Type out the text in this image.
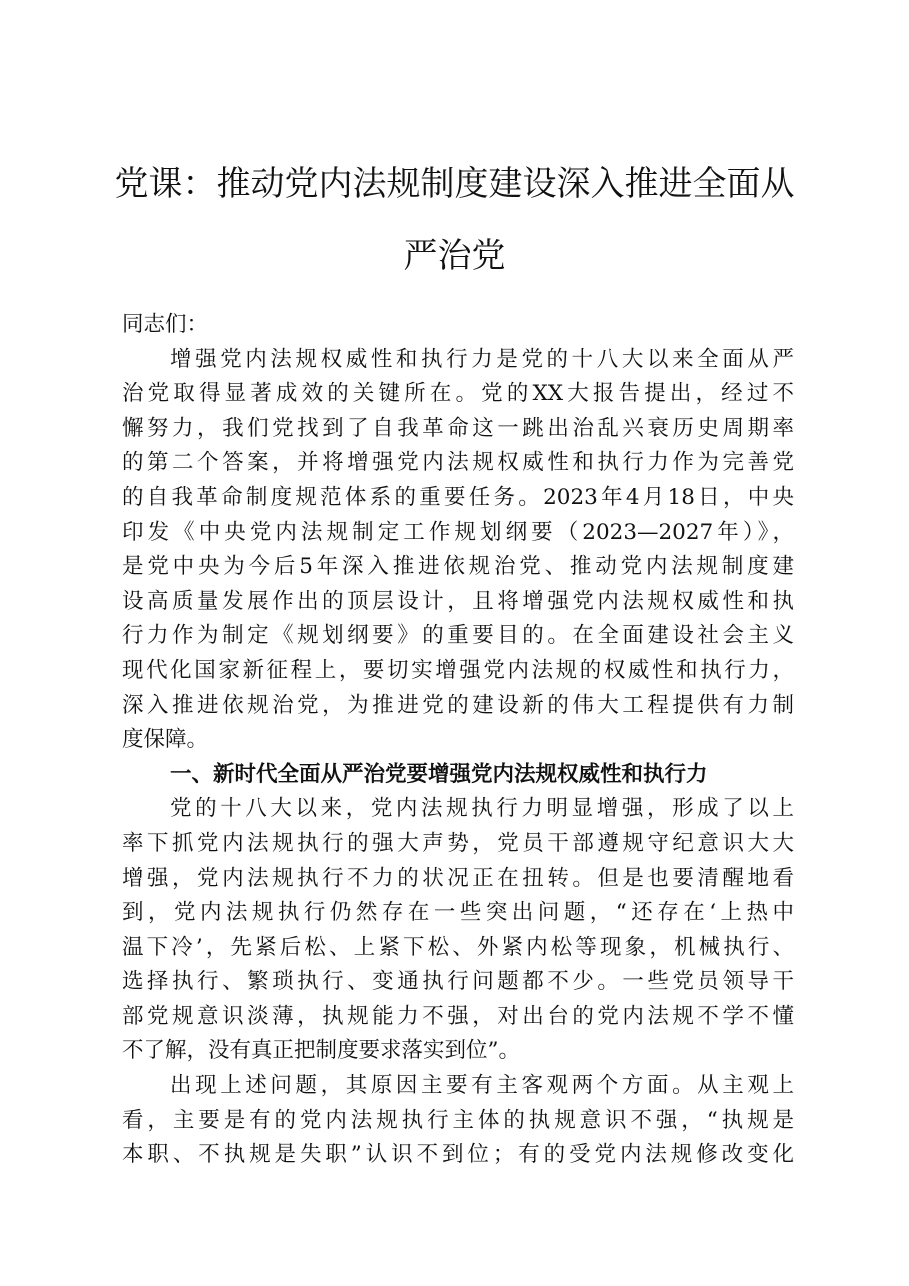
党课：推动党内法规制度建设深入推进全面从
严治党
同志们：
增强党内法规权威性和执行力是党的十八大以来全面从严
治党取得显著成效的关键所在。党的XX大报告提出，经过不
懈努力，我们党找到了自我革命这一跳出治乱兴衰历史周期率
的第二个答案，并将增强党内法规权威性和执行力作为完善党
的自我革命制度规范体系的重要任务。2023年4月18日，中央
印发《中央党内法规制定工作规划纲要（2023—2027年）》，
是党中央为今后5年深入推进依规治党、推动党内法规制度建
设高质量发展作出的顶层设计，且将增强党内法规权威性和执
行力作为制定《规划纲要》的重要目的。在全面建设社会主义
现代化国家新征程上，要切实增强党内法规的权威性和执行力，
深入推进依规治党，为推进党的建设新的伟大工程提供有力制
度保障。
一、新时代全面从严治党要增强党内法规权威性和执行力
党的十八大以来，党内法规执行力明显增强，形成了以上
率下抓党内法规执行的强大声势，党员干部遵规守纪意识大大
增强，党内法规执行不力的状况正在扭转。但是也要清醒地看
到，党内法规执行仍然存在一些突出问题，“还存在‘上热中
温下冷’，先紧后松、上紧下松、外紧内松等现象，机械执行、
选择执行、繁琐执行、变通执行问题都不少。一些党员领导干
部党规意识淡薄，执规能力不强，对出台的党内法规不学不懂
不了解，没有真正把制度要求落实到位”。
出现上述问题，其原因主要有主客观两个方面。从主观上
看，主要是有的党内法规执行主体的执规意识不强，“执规是
本职、不执规是失职”认识不到位；有的受党内法规修改变化
